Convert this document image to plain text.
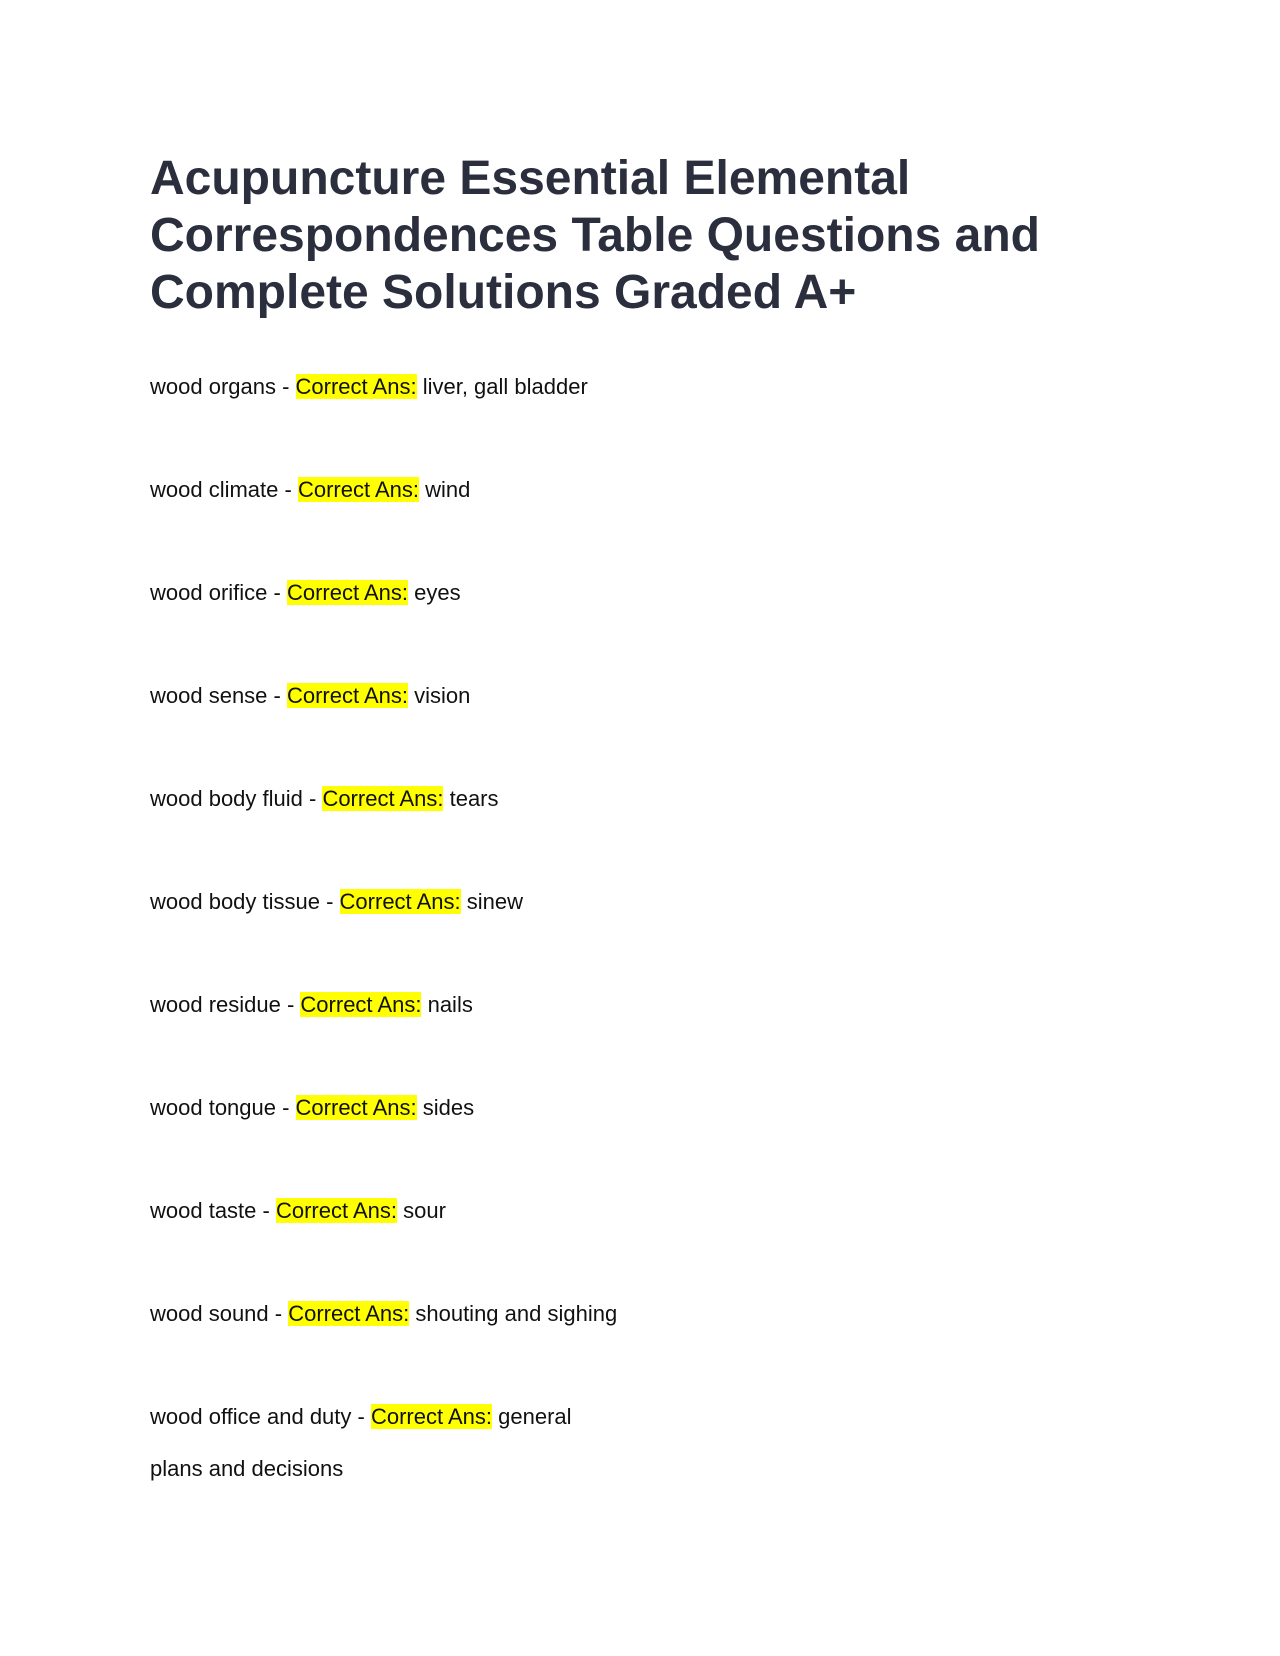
Acupuncture Essential Elemental Correspondences Table Questions and Complete Solutions Graded A+
wood organs - Correct Ans: liver, gall bladder
wood climate - Correct Ans: wind
wood orifice - Correct Ans: eyes
wood sense - Correct Ans: vision
wood body fluid - Correct Ans: tears
wood body tissue - Correct Ans: sinew
wood residue - Correct Ans: nails
wood tongue - Correct Ans: sides
wood taste - Correct Ans: sour
wood sound - Correct Ans: shouting and sighing
wood office and duty - Correct Ans: general plans and decisions
